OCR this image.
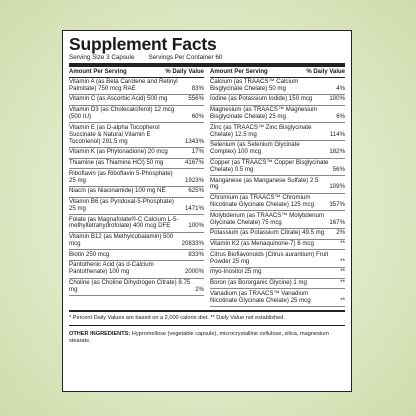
Supplement Facts
Serving Size 3 Capsule Servings Per Container 60
Amount Per Serving	% Daily Value
Vitamin A (as Beta Carotene and Retinyl Palmitate) 750 mcg RAE	83%
Vitamin C (as Ascorbic Acid) 500 mg	556%
Vitamin D3 (as Cholecalciferol) 12 mcg (500 IU)	60%
Vitamin E (as D-alpha Tocopherol Succinate & Natural Vitamin E Tocotrienol) 291.5 mg	1343%
Vitamin K (as Phytonadione) 20 mcg	17%
Thiamine (as Thiamine HCl) 50 mg	4167%
Riboflavin (as Riboflavin 5-Phosphate) 25 mg	1923%
Niacin (as Niacinamide) 100 mg NE	625%
Vitamin B6 (as Pyridoxal-5-Phosphate) 25 mg	1471%
Folate (as Magnafolate®-C Calcium L-5-methyltetrahydrofolate) 400 mcg DFE	100%
Vitamin B12 (as Methylcobalamin) 500 mcg	20833%
Biotin 250 mcg	833%
Pantothenic Acid (as d-Calcium Pantothenate) 100 mg	2000%
Choline (as Choline Dihydrogen Citrate) 8.75 mg	2%
Amount Per Serving	% Daily Value
Calcium (as TRAACS™ Calcium Bisglycinate Chelate) 50 mg	4%
Iodine (as Potassium Iodide) 150 mcg	100%
Magnesium (as TRAACS™ Magnesium Bisglycinate Chelate) 25 mg	6%
Zinc (as TRAACS™ Zinc Bisglycinate Chelate) 12.5 mg	114%
Selenium (as Selenium Glycinate Complex) 100 mcg	182%
Copper (as TRAACS™ Copper Bisglycinate Chelate) 0.5 mg	56%
Manganese (as Manganese Sulfate) 2.5 mg	109%
Chromium (as TRAACS™ Chromium Nicotinate Glycinate Chelate) 125 mcg	357%
Molybdenum (as TRAACS™ Molybdenum Glycinate Chelate) 75 mcg	167%
Potassium (as Potassium Citrate) 49.5 mg	2%
Vitamin K2 (as Menaquinone-7) 6 mcg	**
Citrus Bioflavonoids (Citrus aurantium) Fruit Powder 25 mg	**
myo-Inositol 25 mg	**
Boron (as Bororganic Glycine) 1 mg	**
Vanadium (as TRAACS™ Vanadium Nicotinate Glycinate Chelate) 25 mcg	**
* Percent Daily Values are based on a 2,000 calorie diet. ** Daily Value not established.
OTHER INGREDIENTS: Hypromellose (vegetable capsule), microcrystalline cellulose, silica, magnesium stearate.
